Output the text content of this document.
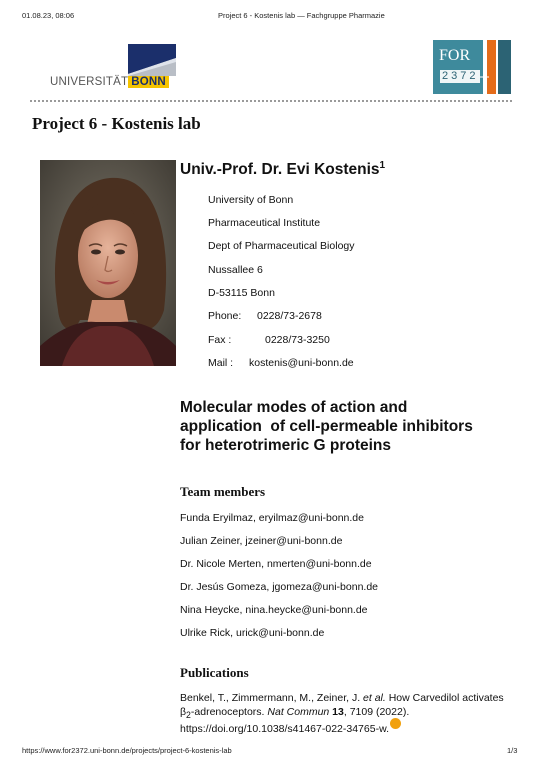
01.08.23, 08:06	Project 6 - Kostenis lab — Fachgruppe Pharmazie
UNIVERSITÄT BONN
FOR
2372
Project 6 - Kostenis lab
Univ.-Prof. Dr. Evi Kostenis$^1$
University of Bonn
Pharmaceutical Institute
Dept of Pharmaceutical Biology
Nussallee 6
D-53115 Bonn
Phone: 0228/73-2678
Fax :	0228/73-3250
Mail : kostenis@uni-bonn.de
Molecular modes of action and
application  of cell-permeable inhibitors
for heterotrimeric G proteins
Team members
Funda Eryilmaz, eryilmaz@uni-bonn.de
Julian Zeiner, jzeiner@uni-bonn.de
Dr. Nicole Merten, nmerten@uni-bonn.de
Dr. Jesús Gomeza, jgomeza@uni-bonn.de
Nina Heycke, nina.heycke@uni-bonn.de
Ulrike Rick, urick@uni-bonn.de
Publications
Benkel, T., Zimmermann, M., Zeiner, J. et al. How Carvedilol activates $\beta_2$-adrenoceptors. Nat Commun 13, 7109 (2022).
https://doi.org/10.1038/s41467-022-34765-w.
https://www.for2372.uni-bonn.de/projects/project-6-kostenis-lab	1/3
